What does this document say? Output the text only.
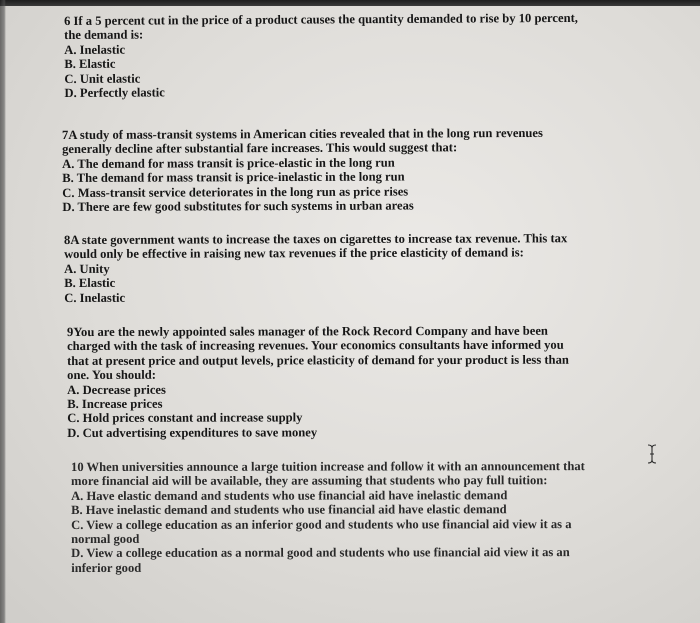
6 If a 5 percent cut in the price of a product causes the quantity demanded to rise by 10 percent,
the demand is:
A. Inelastic
B. Elastic
C. Unit elastic
D. Perfectly elastic
7A study of mass-transit systems in American cities revealed that in the long run revenues
generally decline after substantial fare increases. This would suggest that:
A. The demand for mass transit is price-elastic in the long run
B. The demand for mass transit is price-inelastic in the long run
C. Mass-transit service deteriorates in the long run as price rises
D. There are few good substitutes for such systems in urban areas
8A state government wants to increase the taxes on cigarettes to increase tax revenue. This tax
would only be effective in raising new tax revenues if the price elasticity of demand is:
A. Unity
B. Elastic
C. Inelastic
9You are the newly appointed sales manager of the Rock Record Company and have been
charged with the task of increasing revenues. Your economics consultants have informed you
that at present price and output levels, price elasticity of demand for your product is less than
one. You should:
A. Decrease prices
B. Increase prices
C. Hold prices constant and increase supply
D. Cut advertising expenditures to save money
10 When universities announce a large tuition increase and follow it with an announcement that
more financial aid will be available, they are assuming that students who pay full tuition:
A. Have elastic demand and students who use financial aid have inelastic demand
B. Have inelastic demand and students who use financial aid have elastic demand
C. View a college education as an inferior good and students who use financial aid view it as a
normal good
D. View a college education as a normal good and students who use financial aid view it as an
inferior good
